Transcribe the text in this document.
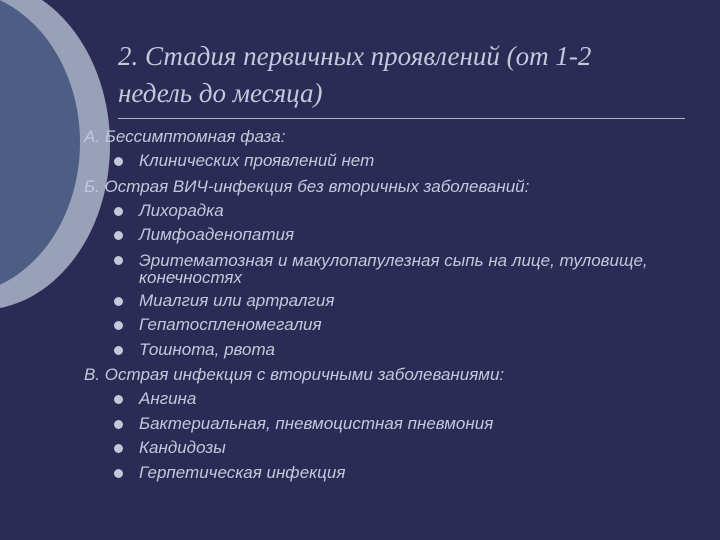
2. Стадия первичных проявлений (от 1-2
недель до месяца)
А. Бессимптомная фаза:
Клинических проявлений нет
Б. Острая ВИЧ-инфекция без вторичных заболеваний:
Лихорадка
Лимфоаденопатия
Эритематозная и макулопапулезная сыпь на лице, туловище, конечностях
Миалгия или артралгия
Гепатоспленомегалия
Тошнота, рвота
В. Острая инфекция с вторичными заболеваниями:
Ангина
Бактериальная, пневмоцистная пневмония
Кандидозы
Герпетическая инфекция
